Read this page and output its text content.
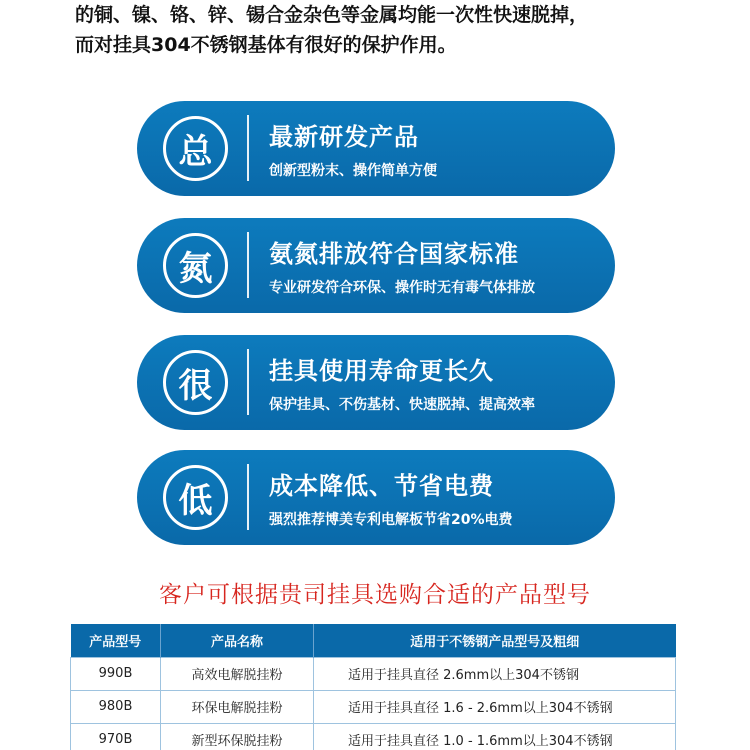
的铜、镍、铬、锌、锡合金杂色等金属均能一次性快速脱掉，

而对挂具304不锈钢基体有很好的保护作用。

总	最新研发产品
创新型粉末、操作简单方便
氮	氨氮排放符合国家标准
专业研发符合环保、操作时无有毒气体排放
很	挂具使用寿命更长久
保护挂具、不伤基材、快速脱掉、提高效率
低	成本降低、节省电费
强烈推荐博美专利电解板节省20%电费
客户可根据贵司挂具选购合适的产品型号
产品型号	产品名称	适用于不锈钢产品型号及粗细
990B	高效电解脱挂粉	适用于挂具直径 2.6mm以上304不锈钢
980B	环保电解脱挂粉	适用于挂具直径 1.6 - 2.6mm以上304不锈钢
970B	新型环保脱挂粉	适用于挂具直径 1.0 - 1.6mm以上304不锈钢
